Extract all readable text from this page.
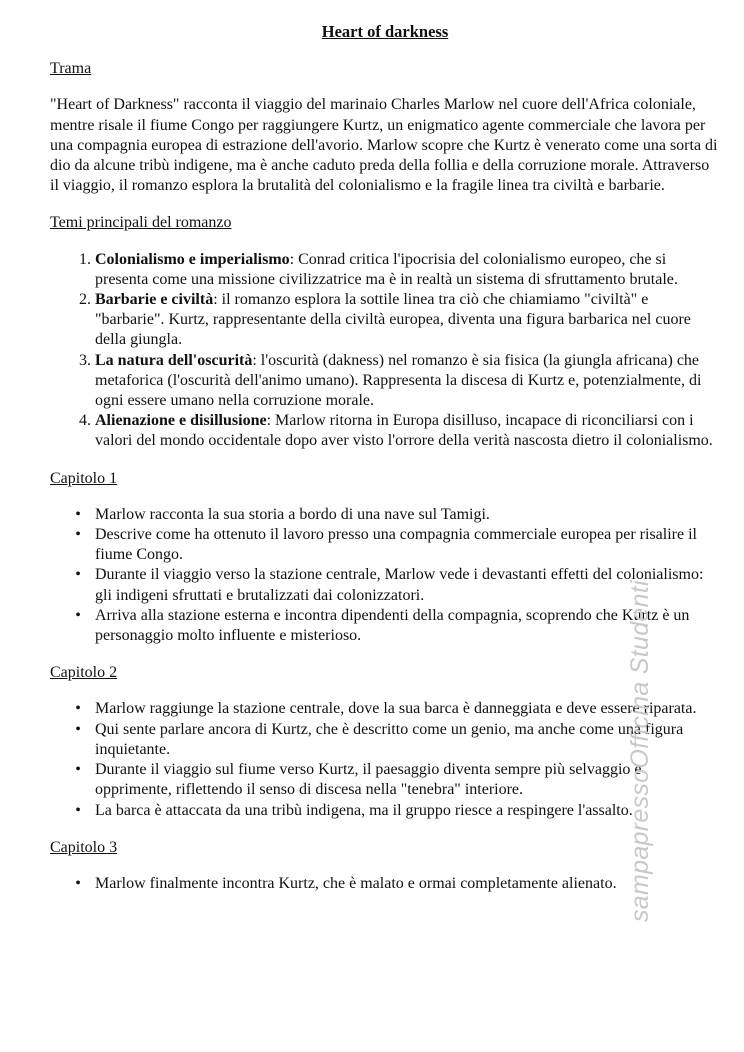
Heart of darkness
Trama

"Heart of Darkness" racconta il viaggio del marinaio Charles Marlow nel cuore dell'Africa coloniale, mentre risale il fiume Congo per raggiungere Kurtz, un enigmatico agente commerciale che lavora per una compagnia europea di estrazione dell'avorio. Marlow scopre che Kurtz è venerato come una sorta di dio da alcune tribù indigene, ma è anche caduto preda della follia e della corruzione morale. Attraverso il viaggio, il romanzo esplora la brutalità del colonialismo e la fragile linea tra civiltà e barbarie.

Temi principali del romanzo
1. Colonialismo e imperialismo: Conrad critica l'ipocrisia del colonialismo europeo, che si presenta come una missione civilizzatrice ma è in realtà un sistema di sfruttamento brutale.
2. Barbarie e civiltà: il romanzo esplora la sottile linea tra ciò che chiamiamo "civiltà" e "barbarie". Kurtz, rappresentante della civiltà europea, diventa una figura barbarica nel cuore della giungla.
3. La natura dell'oscurità: l'oscurità (dakness) nel romanzo è sia fisica (la giungla africana) che metaforica (l'oscurità dell'animo umano). Rappresenta la discesa di Kurtz e, potenzialmente, di ogni essere umano nella corruzione morale.
4. Alienazione e disillusione: Marlow ritorna in Europa disilluso, incapace di riconciliarsi con i valori del mondo occidentale dopo aver visto l'orrore della verità nascosta dietro il colonialismo.
Capitolo 1
• Marlow racconta la sua storia a bordo di una nave sul Tamigi.
• Descrive come ha ottenuto il lavoro presso una compagnia commerciale europea per risalire il fiume Congo.
• Durante il viaggio verso la stazione centrale, Marlow vede i devastanti effetti del colonialismo: gli indigeni sfruttati e brutalizzati dai colonizzatori.
• Arriva alla stazione esterna e incontra dipendenti della compagnia, scoprendo che Kurtz è un personaggio molto influente e misterioso.
Capitolo 2
• Marlow raggiunge la stazione centrale, dove la sua barca è danneggiata e deve essere riparata.
• Qui sente parlare ancora di Kurtz, che è descritto come un genio, ma anche come una figura inquietante.
• Durante il viaggio sul fiume verso Kurtz, il paesaggio diventa sempre più selvaggio e opprimente, riflettendo il senso di discesa nella "tenebra" interiore.
• La barca è attaccata da una tribù indigena, ma il gruppo riesce a respingere l'assalto.
Capitolo 3
• Marlow finalmente incontra Kurtz, che è malato e ormai completamente alienato. sampapressoOfficina Studenti
